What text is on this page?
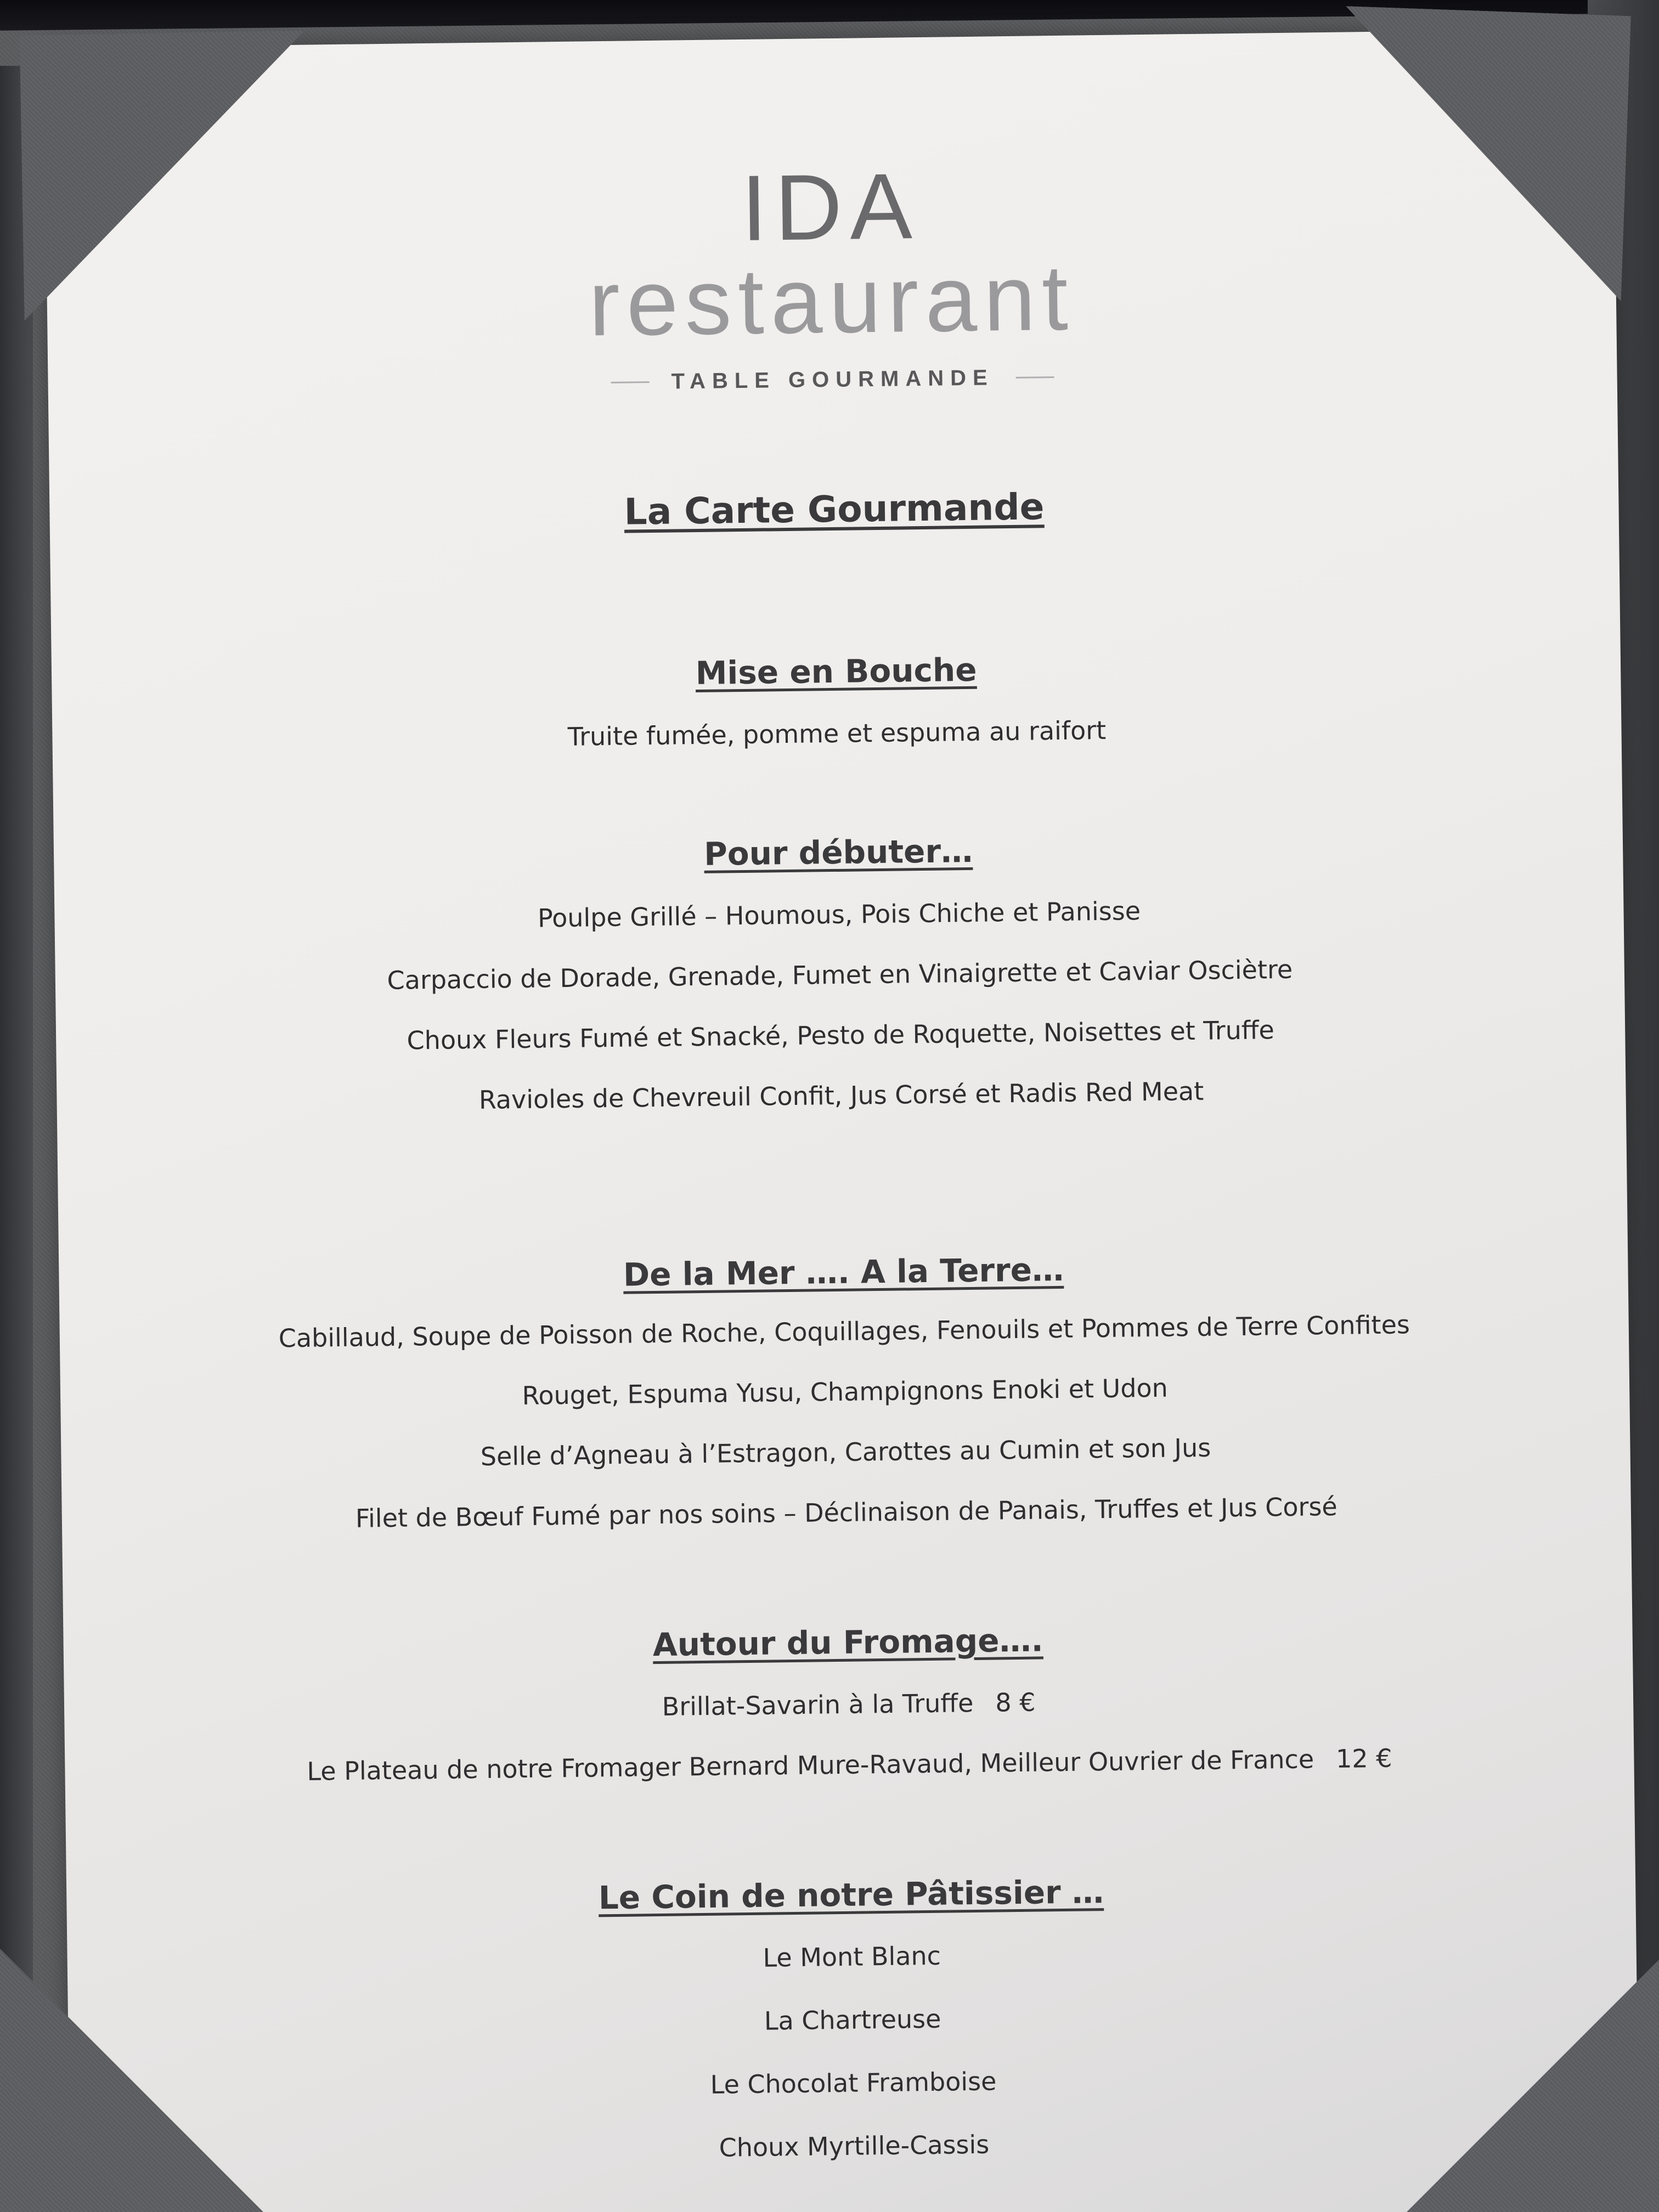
IDA
restaurant
TABLE GOURMANDE
La Carte Gourmande
Mise en Bouche
Truite fumée, pomme et espuma au raifort
Pour débuter…
Poulpe Grillé – Houmous, Pois Chiche et Panisse
Carpaccio de Dorade, Grenade, Fumet en Vinaigrette et Caviar Osciètre
Choux Fleurs Fumé et Snacké, Pesto de Roquette, Noisettes et Truffe
Ravioles de Chevreuil Confit, Jus Corsé et Radis Red Meat
De la Mer …. A la Terre…
Cabillaud, Soupe de Poisson de Roche, Coquillages, Fenouils et Pommes de Terre Confites
Rouget, Espuma Yusu, Champignons Enoki et Udon
Selle d’Agneau à l’Estragon, Carottes au Cumin et son Jus
Filet de Bœuf Fumé par nos soins – Déclinaison de Panais, Truffes et Jus Corsé
Autour du Fromage….
Brillat-Savarin à la Truffe 8 €
Le Plateau de notre Fromager Bernard Mure-Ravaud, Meilleur Ouvrier de France 12 €
Le Coin de notre Pâtissier …
Le Mont Blanc
La Chartreuse
Le Chocolat Framboise
Choux Myrtille-Cassis
